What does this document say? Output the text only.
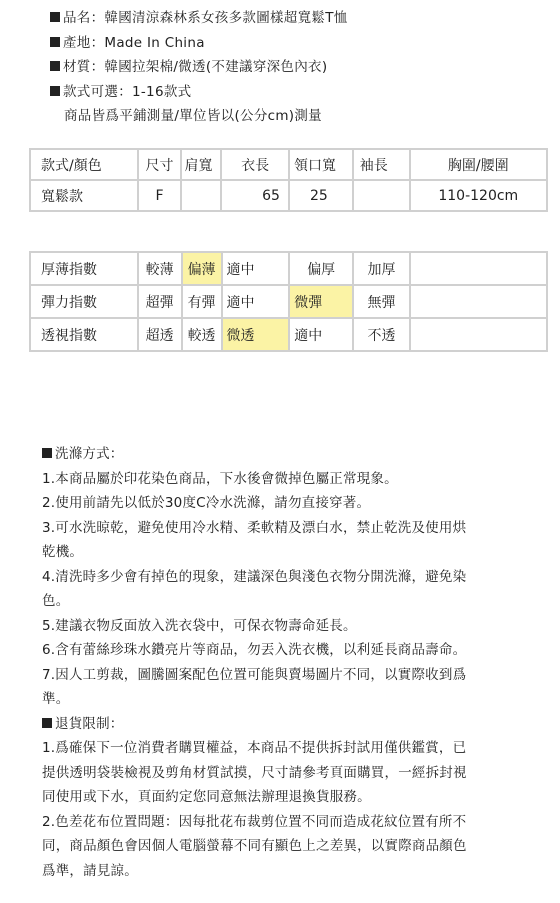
品名：韓國清涼森林系女孩多款圖樣超寬鬆T恤
產地：Made In China
材質：韓國拉架棉/微透(不建議穿深色內衣)
款式可選：1-16款式
商品皆爲平鋪測量/單位皆以(公分cm)測量
款式/顏色	尺寸	肩寬	衣長	領口寬	袖長	胸圍/腰圍
寬鬆款	F		65	25		110-120cm
厚薄指數	較薄	偏薄	適中	偏厚	加厚	
彈力指數	超彈	有彈	適中	微彈	無彈	
透視指數	超透	較透	微透	適中	不透	
洗滌方式：
1.本商品屬於印花染色商品，下水後會微掉色屬正常現象。
2.使用前請先以低於30度C冷水洗滌，請勿直接穿著。
3.可水洗晾乾，避免使用冷水精、柔軟精及漂白水，禁止乾洗及使用烘
乾機。
4.清洗時多少會有掉色的現象，建議深色與淺色衣物分開洗滌，避免染
色。
5.建議衣物反面放入洗衣袋中，可保衣物壽命延長。
6.含有蕾絲珍珠水鑽亮片等商品，勿丟入洗衣機，以利延長商品壽命。
7.因人工剪裁，圖騰圖案配色位置可能與賣場圖片不同，以實際收到爲
準。
退貨限制：
1.爲確保下一位消費者購買權益，本商品不提供拆封試用僅供鑑賞，已
提供透明袋裝檢視及剪角材質試摸，尺寸請參考頁面購買，一經拆封視
同使用或下水，頁面約定您同意無法辦理退換貨服務。
2.色差花布位置問題：因每批花布裁剪位置不同而造成花紋位置有所不
同，商品顏色會因個人電腦螢幕不同有顯色上之差異，以實際商品顏色
爲準，請見諒。
